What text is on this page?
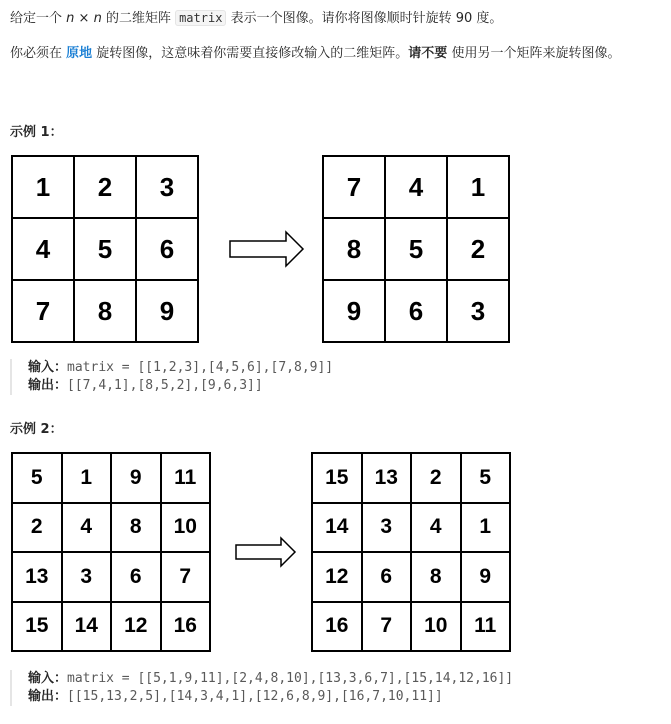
给定一个 n × n 的二维矩阵 matrix 表示一个图像。请你将图像顺时针旋转 90 度。
你必须在 原地 旋转图像，这意味着你需要直接修改输入的二维矩阵。请不要 使用另一个矩阵来旋转图像。
示例 1：
1	2	3
4	5	6
7	8	9
7	4	1
8	5	2
9	6	3
输入：matrix = [[1,2,3],[4,5,6],[7,8,9]]
输出：[[7,4,1],[8,5,2],[9,6,3]]
示例 2：
5	1	9	11
2	4	8	10
13	3	6	7
15	14	12	16
15	13	2	5
14	3	4	1
12	6	8	9
16	7	10	11
输入：matrix = [[5,1,9,11],[2,4,8,10],[13,3,6,7],[15,14,12,16]]
输出：[[15,13,2,5],[14,3,4,1],[12,6,8,9],[16,7,10,11]]
